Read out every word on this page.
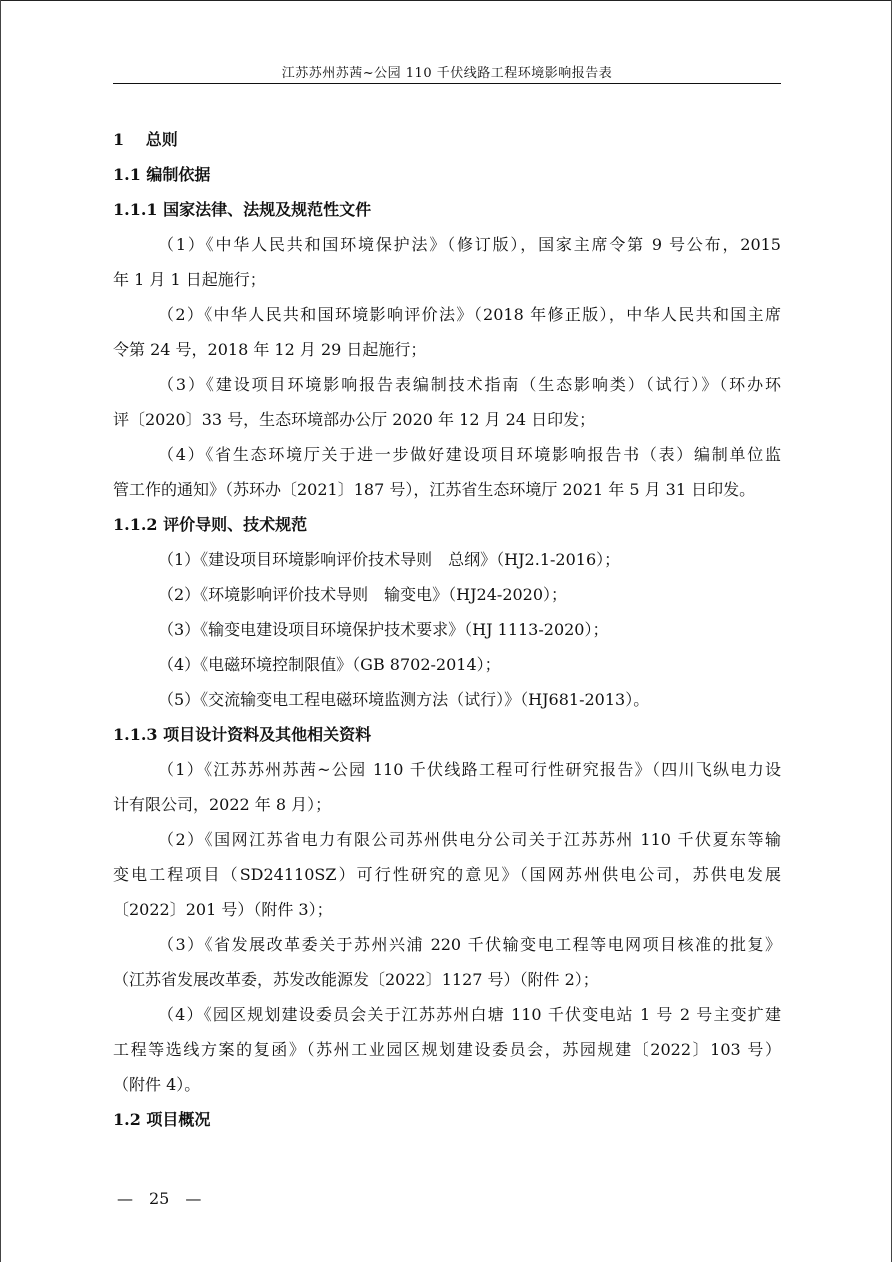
江苏苏州苏茜~公园 110 千伏线路工程环境影响报告表
1　 总则
1.1 编制依据
1.1.1 国家法律、法规及规范性文件
（1）《中华人民共和国环境保护法》（修订版），国家主席令第 9 号公布，2015
年 1 月 1 日起施行；
（2）《中华人民共和国环境影响评价法》（2018 年修正版），中华人民共和国主席
令第 24 号，2018 年 12 月 29 日起施行；
（3）《建设项目环境影响报告表编制技术指南（生态影响类）（试行）》（环办环
评〔2020〕33 号，生态环境部办公厅 2020 年 12 月 24 日印发；
（4）《省生态环境厅关于进一步做好建设项目环境影响报告书（表）编制单位监
管工作的通知》（苏环办〔2021〕187 号），江苏省生态环境厅 2021 年 5 月 31 日印发。
1.1.2 评价导则、技术规范
（1）《建设项目环境影响评价技术导则　总纲》（HJ2.1-2016）；
（2）《环境影响评价技术导则　输变电》（HJ24-2020）；
（3）《输变电建设项目环境保护技术要求》（HJ 1113-2020）；
（4）《电磁环境控制限值》（GB 8702-2014）；
（5）《交流输变电工程电磁环境监测方法（试行）》（HJ681-2013）。
1.1.3 项目设计资料及其他相关资料
（1）《江苏苏州苏茜~公园 110 千伏线路工程可行性研究报告》（四川飞纵电力设
计有限公司，2022 年 8 月）；
（2）《国网江苏省电力有限公司苏州供电分公司关于江苏苏州 110 千伏夏东等输
变电工程项目（SD24110SZ）可行性研究的意见》（国网苏州供电公司，苏供电发展
〔2022〕201 号）（附件 3）；
（3）《省发展改革委关于苏州兴浦 220 千伏输变电工程等电网项目核准的批复》
（江苏省发展改革委，苏发改能源发〔2022〕1127 号）（附件 2）；
（4）《园区规划建设委员会关于江苏苏州白塘 110 千伏变电站 1 号 2 号主变扩建
工程等选线方案的复函》（苏州工业园区规划建设委员会，苏园规建〔2022〕103 号）
（附件 4）。
1.2 项目概况
—　25　—
